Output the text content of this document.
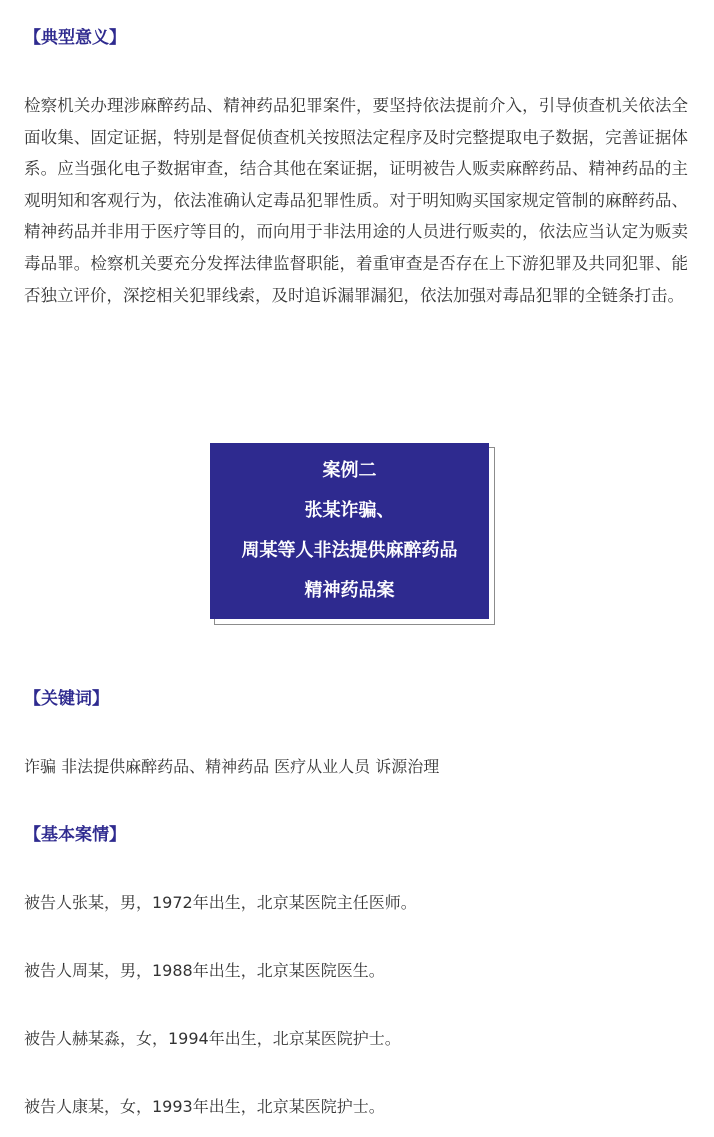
【典型意义】

检察机关办理涉麻醉药品、精神药品犯罪案件，要坚持依法提前介入，引导侦查机关依法全面收集、固定证据，特别是督促侦查机关按照法定程序及时完整提取电子数据，完善证据体系。应当强化电子数据审查，结合其他在案证据，证明被告人贩卖麻醉药品、精神药品的主观明知和客观行为，依法准确认定毒品犯罪性质。对于明知购买国家规定管制的麻醉药品、精神药品并非用于医疗等目的，而向用于非法用途的人员进行贩卖的，依法应当认定为贩卖毒品罪。检察机关要充分发挥法律监督职能，着重审查是否存在上下游犯罪及共同犯罪、能否独立评价，深挖相关犯罪线索，及时追诉漏罪漏犯，依法加强对毒品犯罪的全链条打击。

案例二
张某诈骗、
周某等人非法提供麻醉药品
精神药品案
【关键词】

诈骗 非法提供麻醉药品、精神药品 医疗从业人员 诉源治理

【基本案情】

被告人张某，男，1972年出生，北京某医院主任医师。

被告人周某，男，1988年出生，北京某医院医生。

被告人赫某淼，女，1994年出生，北京某医院护士。

被告人康某，女，1993年出生，北京某医院护士。
